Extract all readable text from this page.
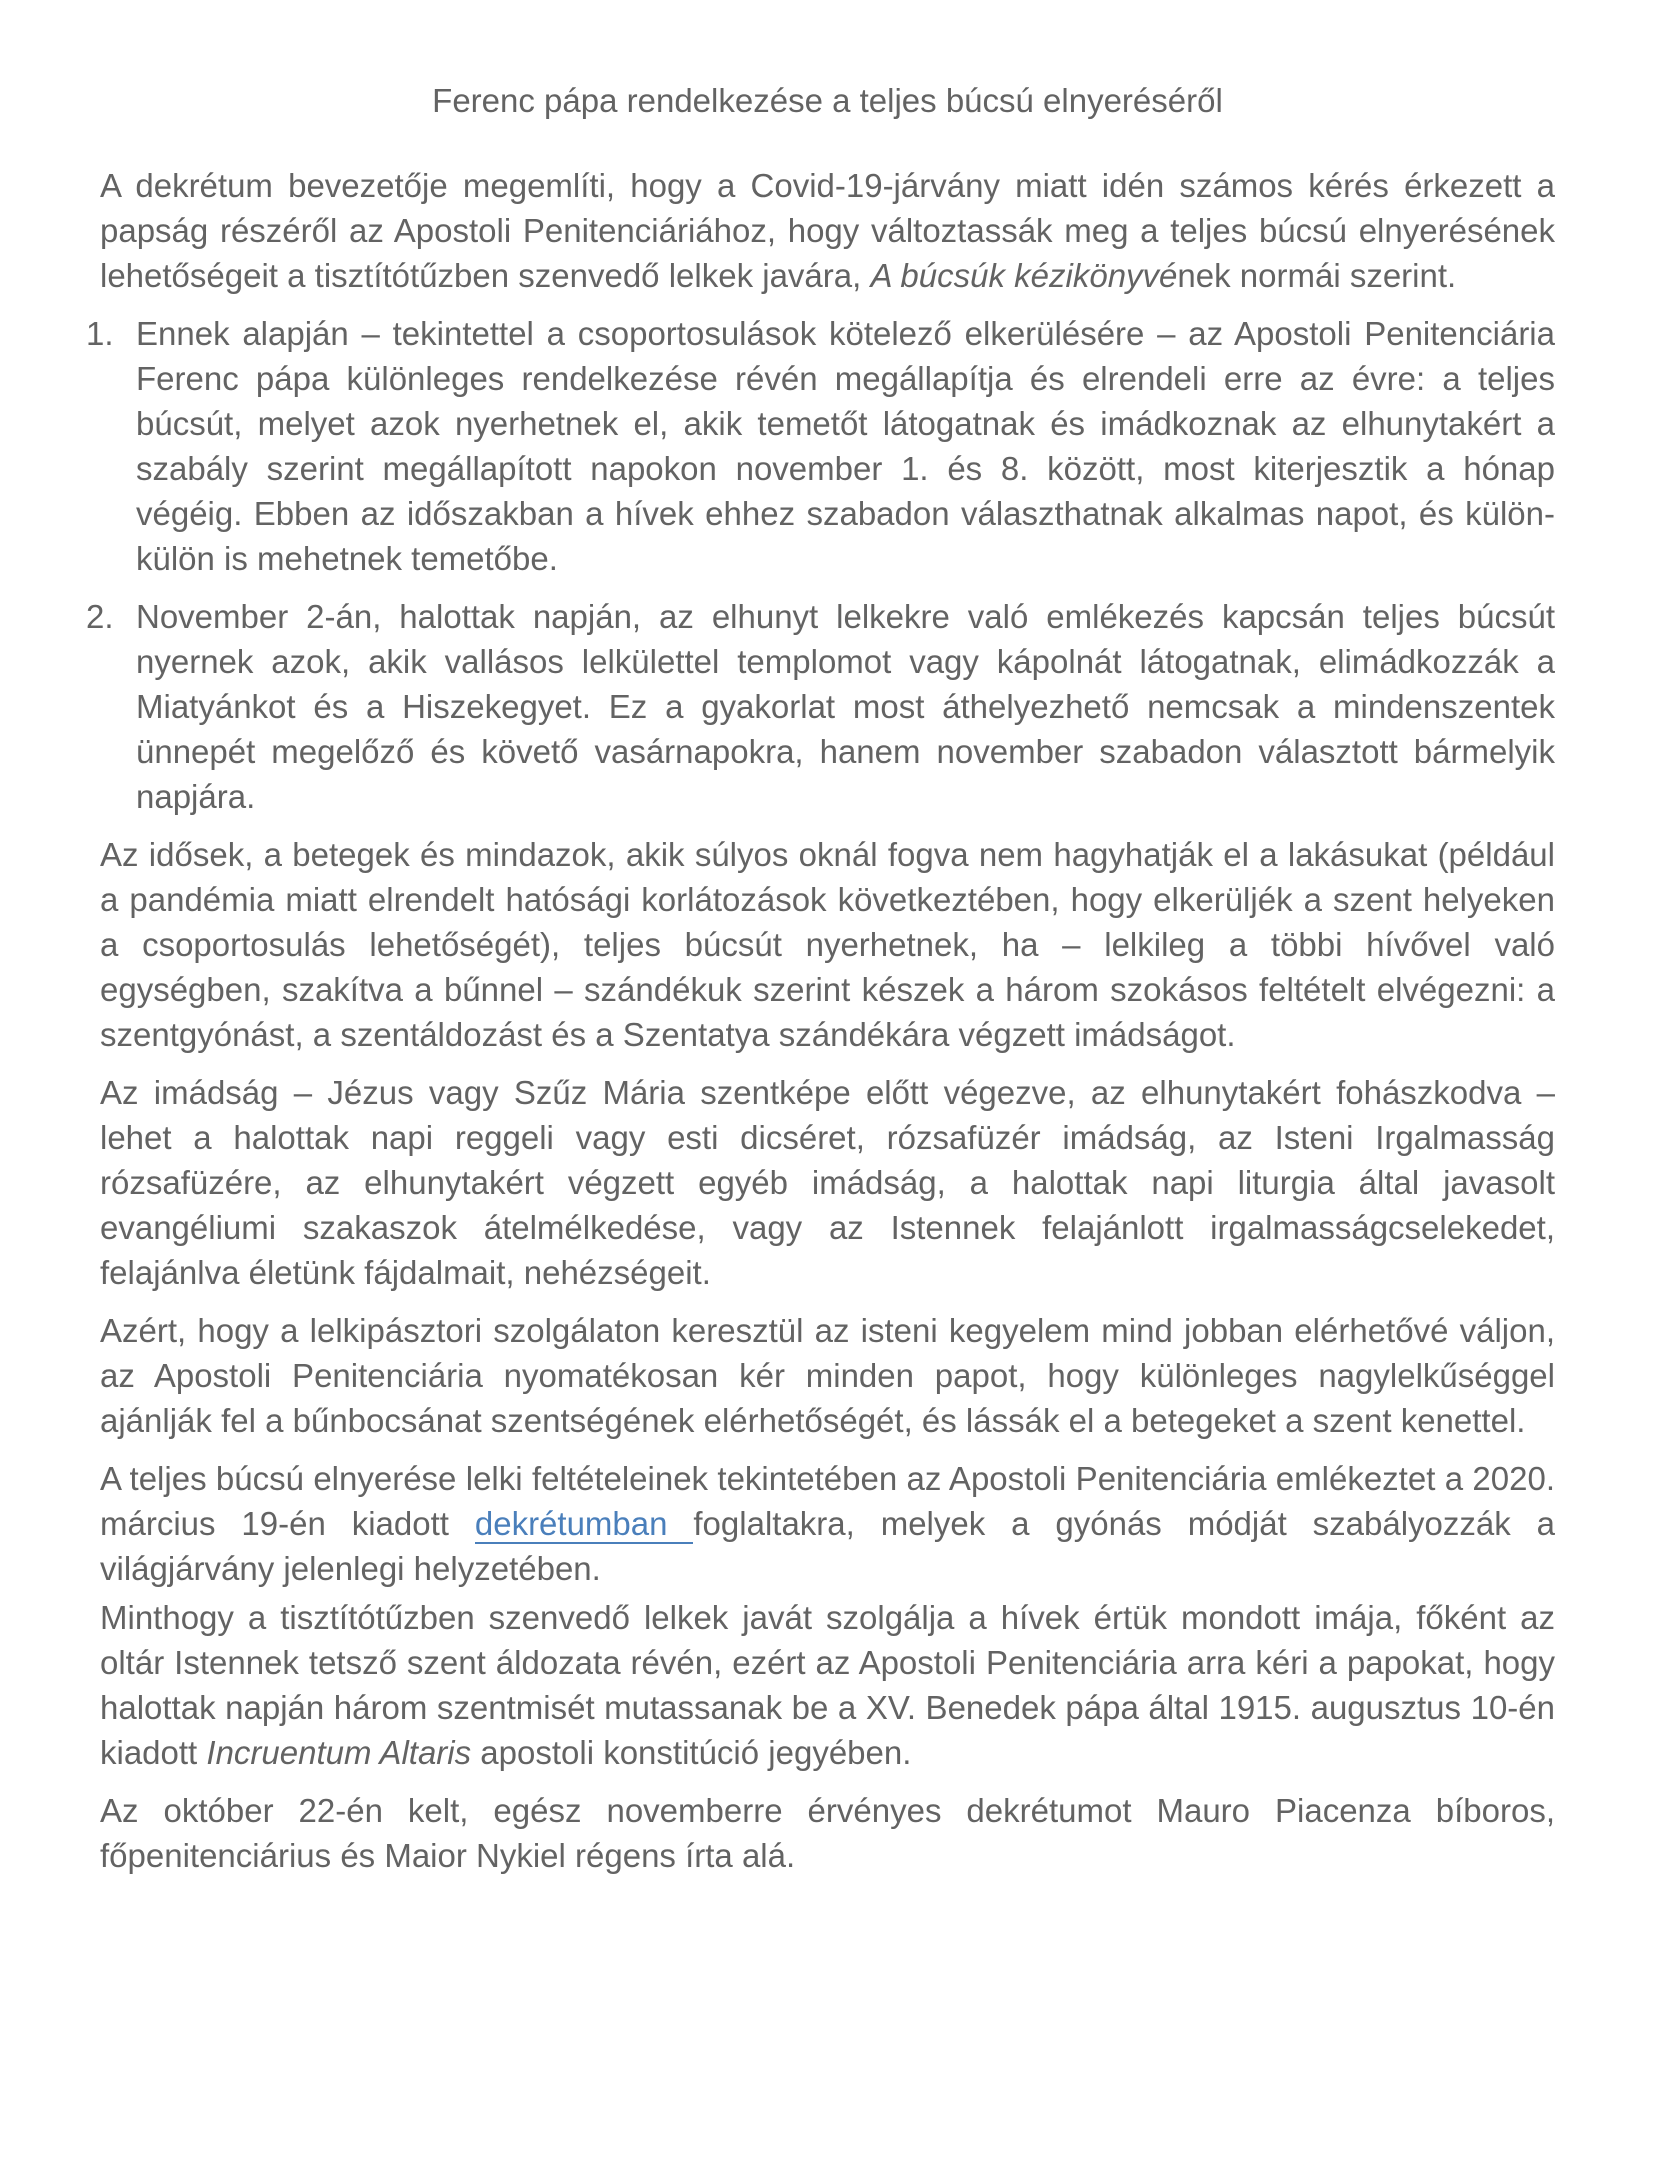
Ferenc pápa rendelkezése a teljes búcsú elnyeréséről

A dekrétum bevezetője megemlíti, hogy a Covid-19-járvány miatt idén számos kérés érkezett a papság részéről az Apostoli Penitenciáriához, hogy változtassák meg a teljes búcsú elnyerésének lehetőségeit a tisztítótűzben szenvedő lelkek javára, A búcsúk kézikönyvének normái szerint.

1. Ennek alapján – tekintettel a csoportosulások kötelező elkerülésére – az Apostoli Penitenciária Ferenc pápa különleges rendelkezése révén megállapítja és elrendeli erre az évre: a teljes búcsút, melyet azok nyerhetnek el, akik temetőt látogatnak és imádkoznak az elhunytakért a szabály szerint megállapított napokon november 1. és 8. között, most kiterjesztik a hónap végéig. Ebben az időszakban a hívek ehhez szabadon választhatnak alkalmas napot, és külön-külön is mehetnek temetőbe.
2. November 2-án, halottak napján, az elhunyt lelkekre való emlékezés kapcsán teljes búcsút nyernek azok, akik vallásos lelkülettel templomot vagy kápolnát látogatnak, elimádkozzák a Miatyánkot és a Hiszekegyet. Ez a gyakorlat most áthelyezhető nemcsak a mindenszentek ünnepét megelőző és követő vasárnapokra, hanem november szabadon választott bármelyik napjára.

Az idősek, a betegek és mindazok, akik súlyos oknál fogva nem hagyhatják el a lakásukat (például a pandémia miatt elrendelt hatósági korlátozások következtében, hogy elkerüljék a szent helyeken a csoportosulás lehetőségét), teljes búcsút nyerhetnek, ha – lelkileg a többi hívővel való egységben, szakítva a bűnnel – szándékuk szerint készek a három szokásos feltételt elvégezni: a szentgyónást, a szentáldozást és a Szentatya szándékára végzett imádságot.

Az imádság – Jézus vagy Szűz Mária szentképe előtt végezve, az elhunytakért fohászkodva – lehet a halottak napi reggeli vagy esti dicséret, rózsafüzér imádság, az Isteni Irgalmasság rózsafüzére, az elhunytakért végzett egyéb imádság, a halottak napi liturgia által javasolt evangéliumi szakaszok átelmélkedése, vagy az Istennek felajánlott irgalmasságcselekedet, felajánlva életünk fájdalmait, nehézségeit.

Azért, hogy a lelkipásztori szolgálaton keresztül az isteni kegyelem mind jobban elérhetővé váljon, az Apostoli Penitenciária nyomatékosan kér minden papot, hogy különleges nagylelkűséggel ajánlják fel a bűnbocsánat szentségének elérhetőségét, és lássák el a betegeket a szent kenettel.

A teljes búcsú elnyerése lelki feltételeinek tekintetében az Apostoli Penitenciária emlékeztet a 2020. március 19-én kiadott dekrétumban foglaltakra, melyek a gyónás módját szabályozzák a világjárvány jelenlegi helyzetében.

Minthogy a tisztítótűzben szenvedő lelkek javát szolgálja a hívek értük mondott imája, főként az oltár Istennek tetsző szent áldozata révén, ezért az Apostoli Penitenciária arra kéri a papokat, hogy halottak napján három szentmisét mutassanak be a XV. Benedek pápa által 1915. augusztus 10-én kiadott Incruentum Altaris apostoli konstitúció jegyében.

Az október 22-én kelt, egész novemberre érvényes dekrétumot Mauro Piacenza bíboros, főpenitenciárius és Maior Nykiel régens írta alá.
